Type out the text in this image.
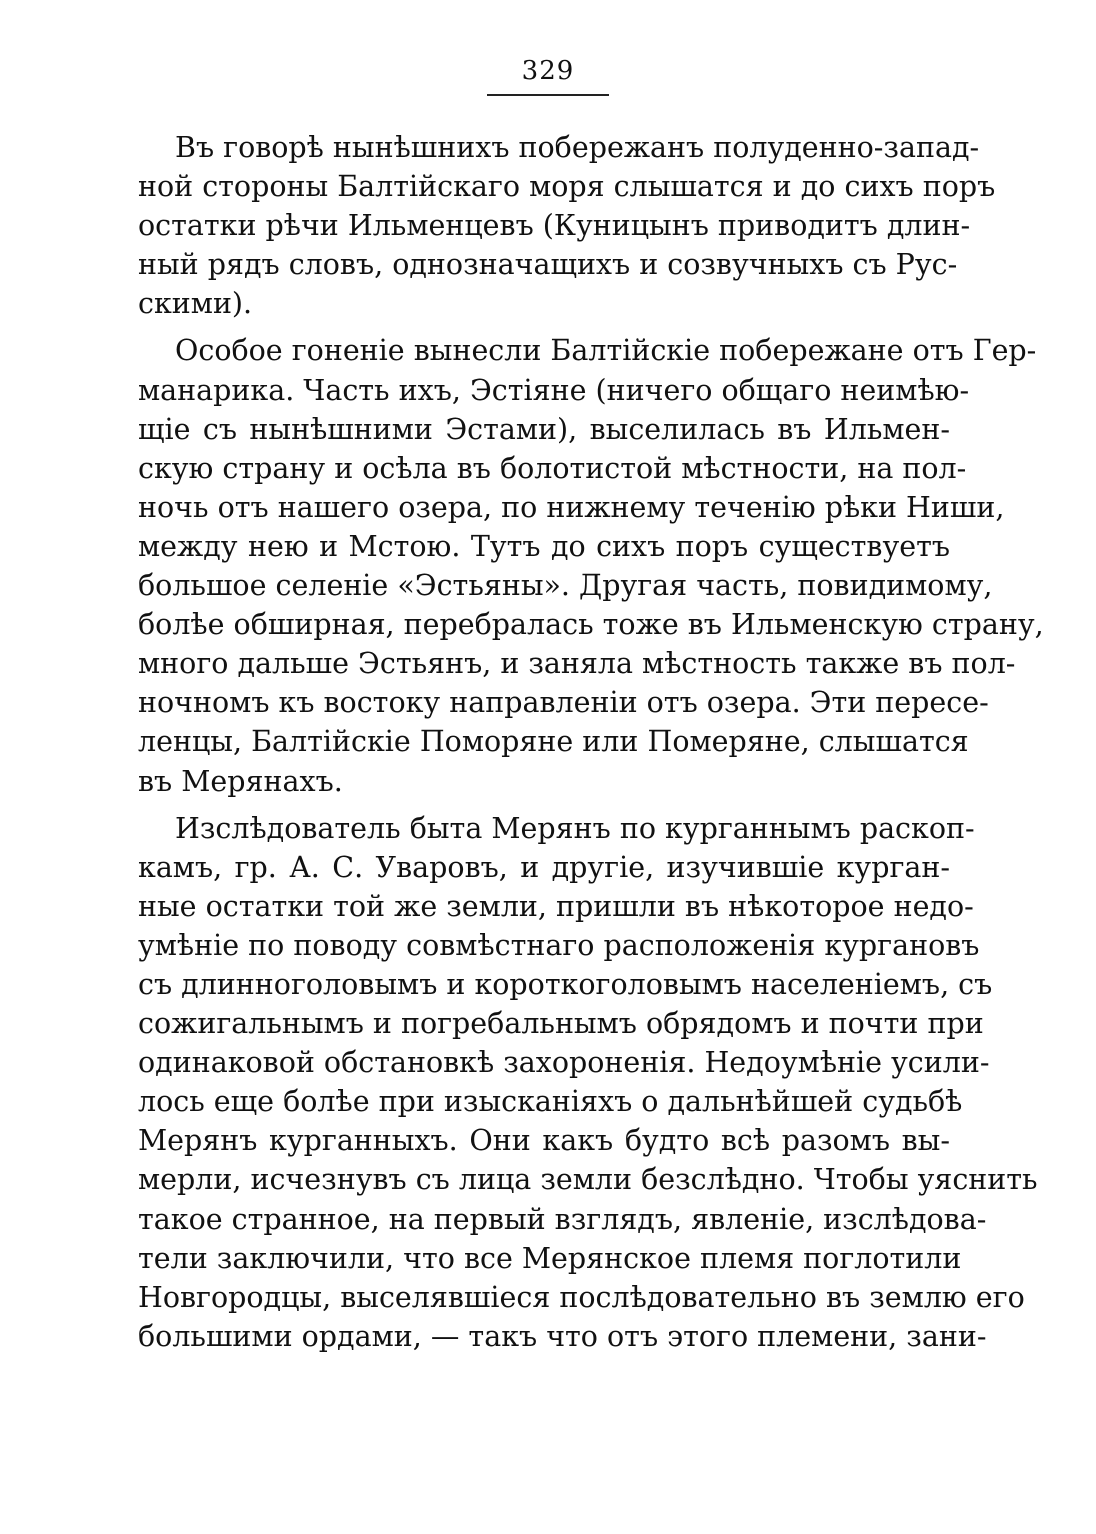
329
Въ говорѣ нынѣшнихъ побережанъ полуденно-запад-
ной стороны Балтійскаго моря слышатся и до сихъ поръ
остатки рѣчи Ильменцевъ (Куницынъ приводитъ длин-
ный рядъ словъ, однозначащихъ и созвучныхъ съ Рус-
скими).
Особое гоненіе вынесли Балтійскіе побережане отъ Гер-
манарика. Часть ихъ, Эстіяне (ничего общаго неимѣю-
щіе съ нынѣшними Эстами), выселилась въ Ильмен-
скую страну и осѣла въ болотистой мѣстности, на пол-
ночь отъ нашего озера, по нижнему теченію рѣки Ниши,
между нею и Мстою. Тутъ до сихъ поръ существуетъ
большое селеніе «Эстьяны». Другая часть, повидимому,
болѣе обширная, перебралась тоже въ Ильменскую страну,
много дальше Эстьянъ, и заняла мѣстность также въ пол-
ночномъ къ востоку направленіи отъ озера. Эти пересе-
ленцы, Балтійскіе Поморяне или Померяне, слышатся
въ Мерянахъ.
Изслѣдователь быта Мерянъ по курганнымъ раскоп-
камъ, гр. А. С. Уваровъ, и другіе, изучившіе курган-
ные остатки той же земли, пришли въ нѣкоторое недо-
умѣніе по поводу совмѣстнаго расположенія кургановъ
съ длинноголовымъ и короткоголовымъ населеніемъ, съ
сожигальнымъ и погребальнымъ обрядомъ и почти при
одинаковой обстановкѣ захороненія. Недоумѣніе усили-
лось еще болѣе при изысканіяхъ о дальнѣйшей судьбѣ
Мерянъ курганныхъ. Они какъ будто всѣ разомъ вы-
мерли, исчезнувъ съ лица земли безслѣдно. Чтобы уяснить
такое странное, на первый взглядъ, явленіе, изслѣдова-
тели заключили, что все Мерянское племя поглотили
Новгородцы, выселявшіеся послѣдовательно въ землю его
большими ордами, — такъ что отъ этого племени, зани-
